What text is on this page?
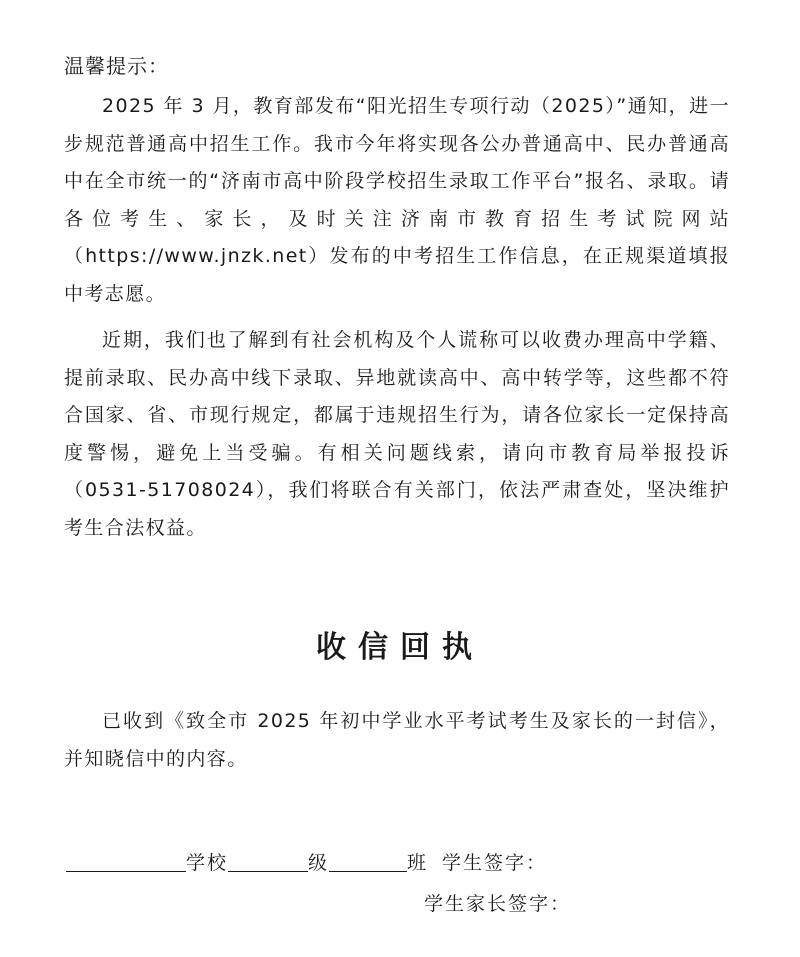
温馨提示：

2025 年 3 月，教育部发布“阳光招生专项行动（2025）”通知，进一步规范普通高中招生工作。我市今年将实现各公办普通高中、民办普通高中在全市统一的“济南市高中阶段学校招生录取工作平台”报名、录取。请各位考生、家长，及时关注济南市教育招生考试院网站（https://www.jnzk.net）发布的中考招生工作信息，在正规渠道填报中考志愿。

近期，我们也了解到有社会机构及个人谎称可以收费办理高中学籍、提前录取、民办高中线下录取、异地就读高中、高中转学等，这些都不符合国家、省、市现行规定，都属于违规招生行为，请各位家长一定保持高度警惕，避免上当受骗。有相关问题线索，请向市教育局举报投诉（0531-51708024），我们将联合有关部门，依法严肃查处，坚决维护考生合法权益。

收信回执

已收到《致全市 2025 年初中学业水平考试考生及家长的一封信》，并知晓信中的内容。

学校	级	班 学生签字：
学生家长签字：
